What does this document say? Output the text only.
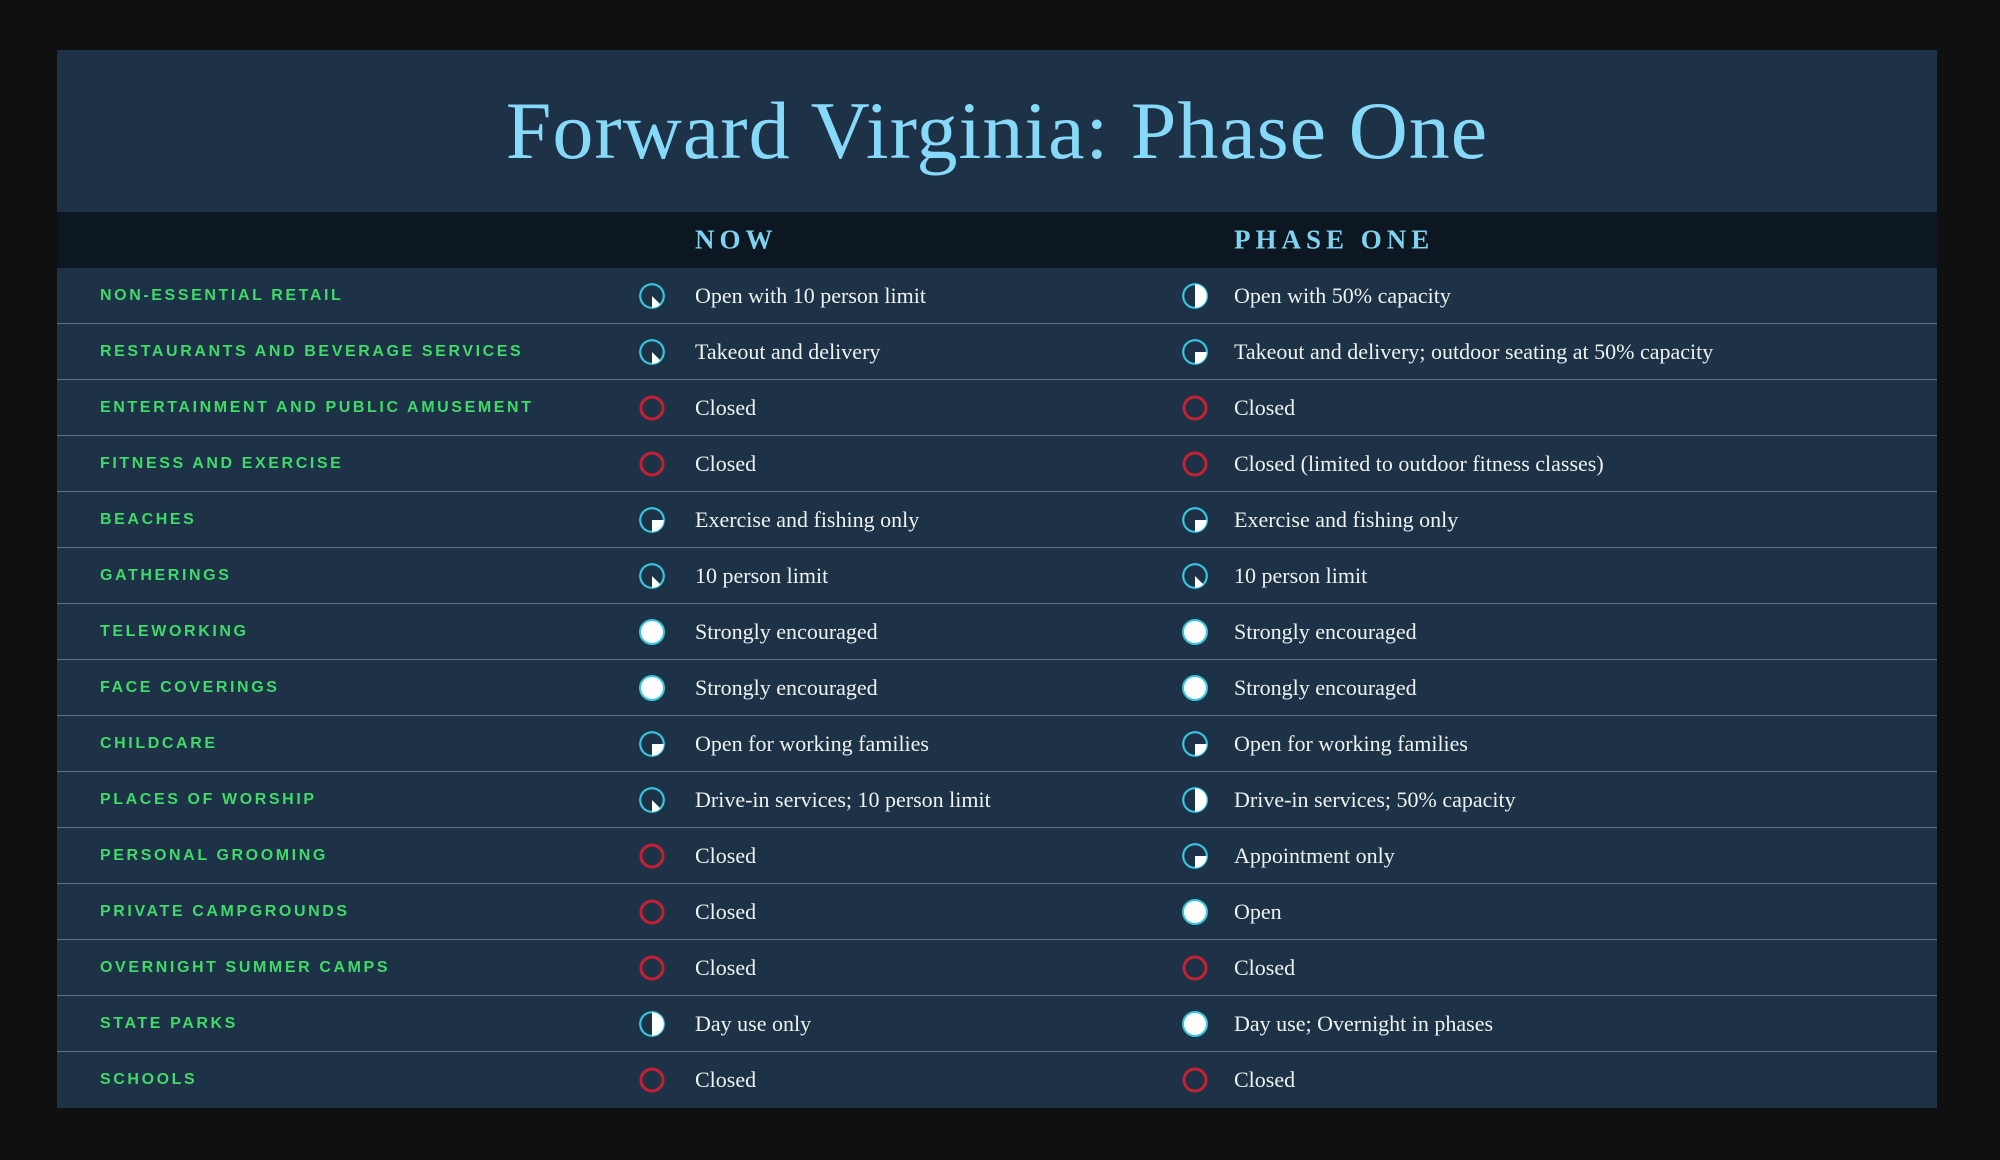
Forward Virginia: Phase One
NOW	PHASE ONE
NON-ESSENTIAL RETAIL	Open with 10 person limit	Open with 50% capacity
RESTAURANTS AND BEVERAGE SERVICES	Takeout and delivery	Takeout and delivery; outdoor seating at 50% capacity
ENTERTAINMENT AND PUBLIC AMUSEMENT	Closed	Closed
FITNESS AND EXERCISE	Closed	Closed (limited to outdoor fitness classes)
BEACHES	Exercise and fishing only	Exercise and fishing only
GATHERINGS	10 person limit	10 person limit
TELEWORKING	Strongly encouraged	Strongly encouraged
FACE COVERINGS	Strongly encouraged	Strongly encouraged
CHILDCARE	Open for working families	Open for working families
PLACES OF WORSHIP	Drive-in services; 10 person limit	Drive-in services; 50% capacity
PERSONAL GROOMING	Closed	Appointment only
PRIVATE CAMPGROUNDS	Closed	Open
OVERNIGHT SUMMER CAMPS	Closed	Closed
STATE PARKS	Day use only	Day use; Overnight in phases
SCHOOLS	Closed	Closed
